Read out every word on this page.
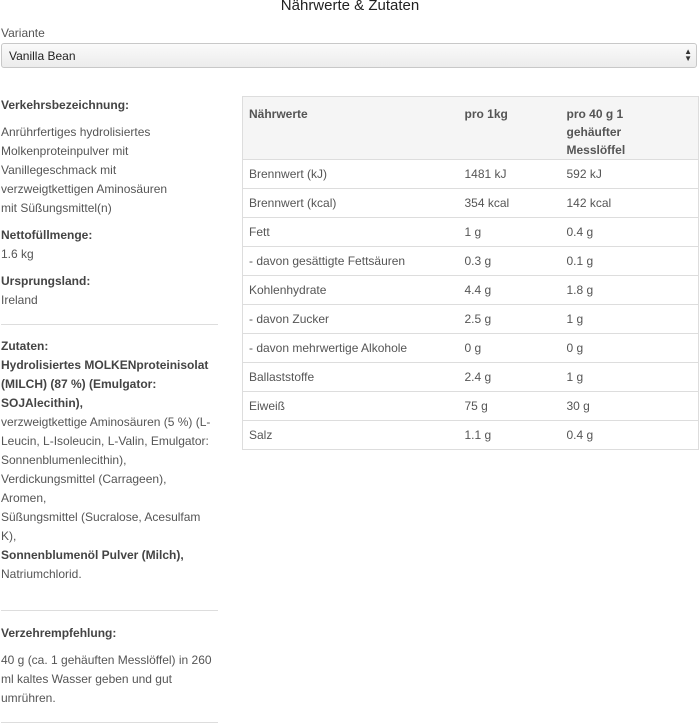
Nährwerte & Zutaten
Variante
Vanilla Bean	▲
▼
Verkehrsbezeichnung:
Anrührfertiges hydrolisiertes
Molkenproteinpulver mit
Vanillegeschmack mit
verzweigtkettigen Aminosäuren
mit Süßungsmittel(n)
Nettofüllmenge:
1.6 kg
Ursprungsland:
Ireland
Zutaten:
Hydrolisiertes MOLKENproteinisolat
(MILCH) (87 %) (Emulgator:
SOJAlecithin),
verzweigtkettige Aminosäuren (5 %) (L-
Leucin, L-Isoleucin, L-Valin, Emulgator:
Sonnenblumenlecithin),
Verdickungsmittel (Carrageen),
Aromen,
Süßungsmittel (Sucralose, Acesulfam
K),
Sonnenblumenöl Pulver (Milch),
Natriumchlorid.
Verzehrempfehlung:
40 g (ca. 1 gehäuften Messlöffel) in 260
ml kaltes Wasser geben und gut
umrühren.
Nährwerte	pro 1kg	pro 40 g 1 gehäufter Messlöffel
Brennwert (kJ)	1481 kJ	592 kJ
Brennwert (kcal)	354 kcal	142 kcal
Fett	1 g	0.4 g
- davon gesättigte Fettsäuren	0.3 g	0.1 g
Kohlenhydrate	4.4 g	1.8 g
- davon Zucker	2.5 g	1 g
- davon mehrwertige Alkohole	0 g	0 g
Ballaststoffe	2.4 g	1 g
Eiweiß	75 g	30 g
Salz	1.1 g	0.4 g
